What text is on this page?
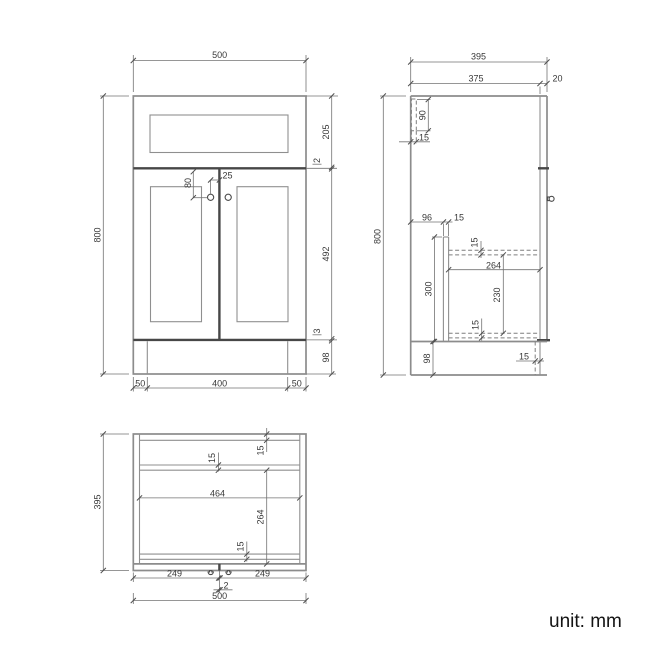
500
800
205
2
492
3
98
80
25
50	400	50
395
375	20
800
90
15
96 15
300
15
264
230
15
98	15
395
15
15
464
264
15
249	249
2
500
unit: mm
